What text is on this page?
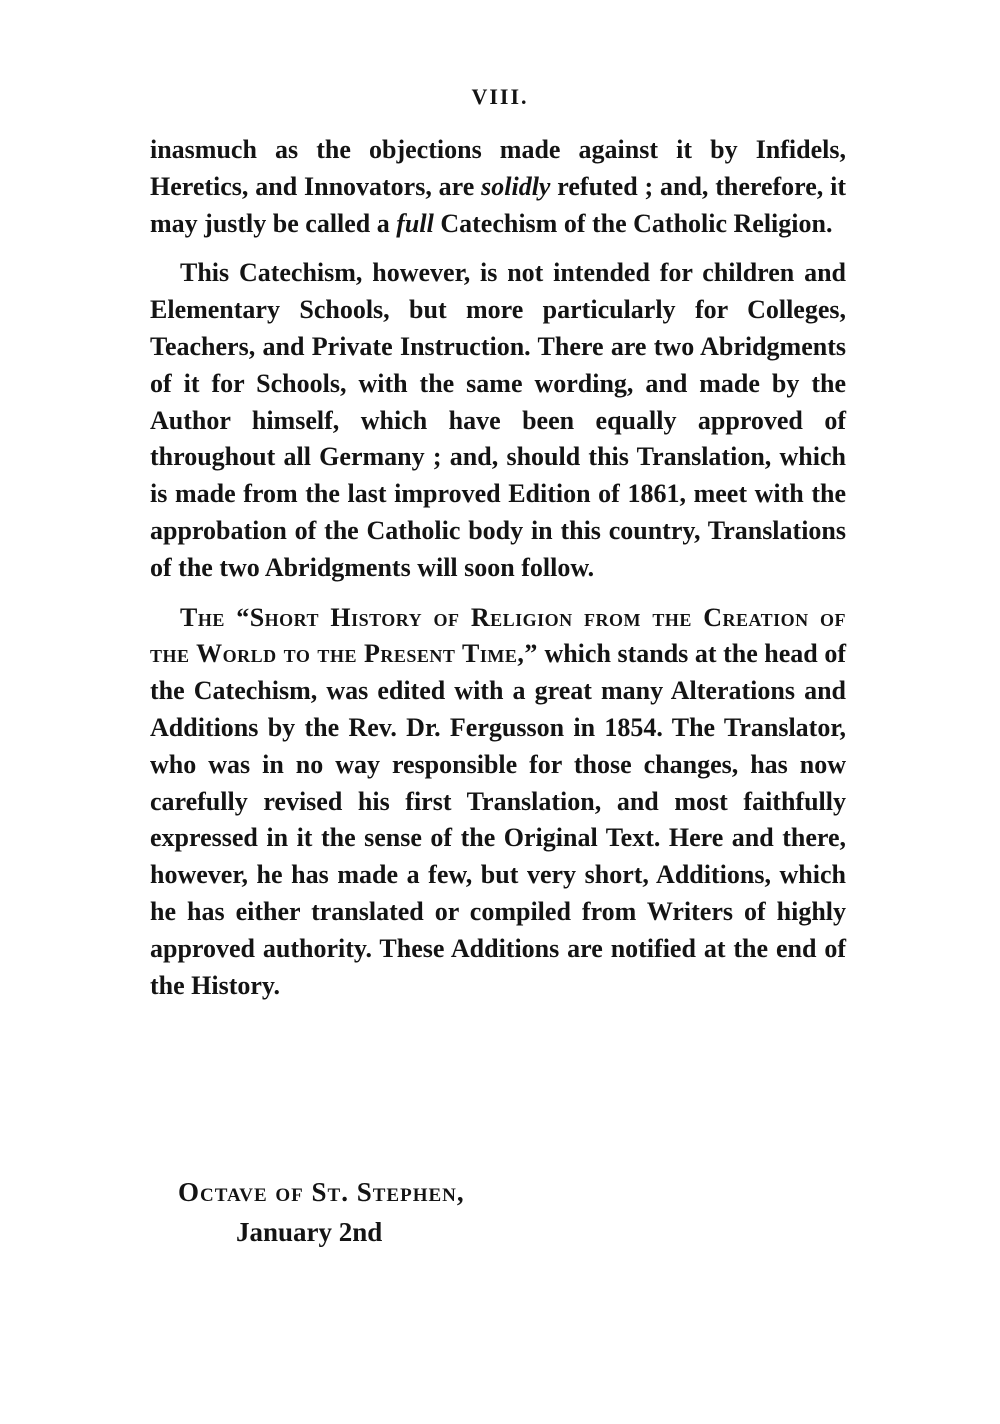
VIII.

inasmuch as the objections made against it by Infidels, Heretics, and Innovators, are solidly refuted ; and, therefore, it may justly be called a full Catechism of the Catholic Religion.

This Catechism, however, is not intended for children and Elementary Schools, but more particularly for Colleges, Teachers, and Private Instruction. There are two Abridgments of it for Schools, with the same wording, and made by the Author himself, which have been equally approved of throughout all Germany ; and, should this Translation, which is made from the last improved Edition of 1861, meet with the approbation of the Catholic body in this country, Translations of the two Abridgments will soon follow.

The “Short History of Religion from the Creation of the World to the Present Time,” which stands at the head of the Catechism, was edited with a great many Alterations and Additions by the Rev. Dr. Fergusson in 1854. The Translator, who was in no way responsible for those changes, has now carefully revised his first Translation, and most faithfully expressed in it the sense of the Original Text. Here and there, however, he has made a few, but very short, Additions, which he has either translated or compiled from Writers of highly approved authority. These Additions are notified at the end of the History.

Octave of St. Stephen,
January 2nd
